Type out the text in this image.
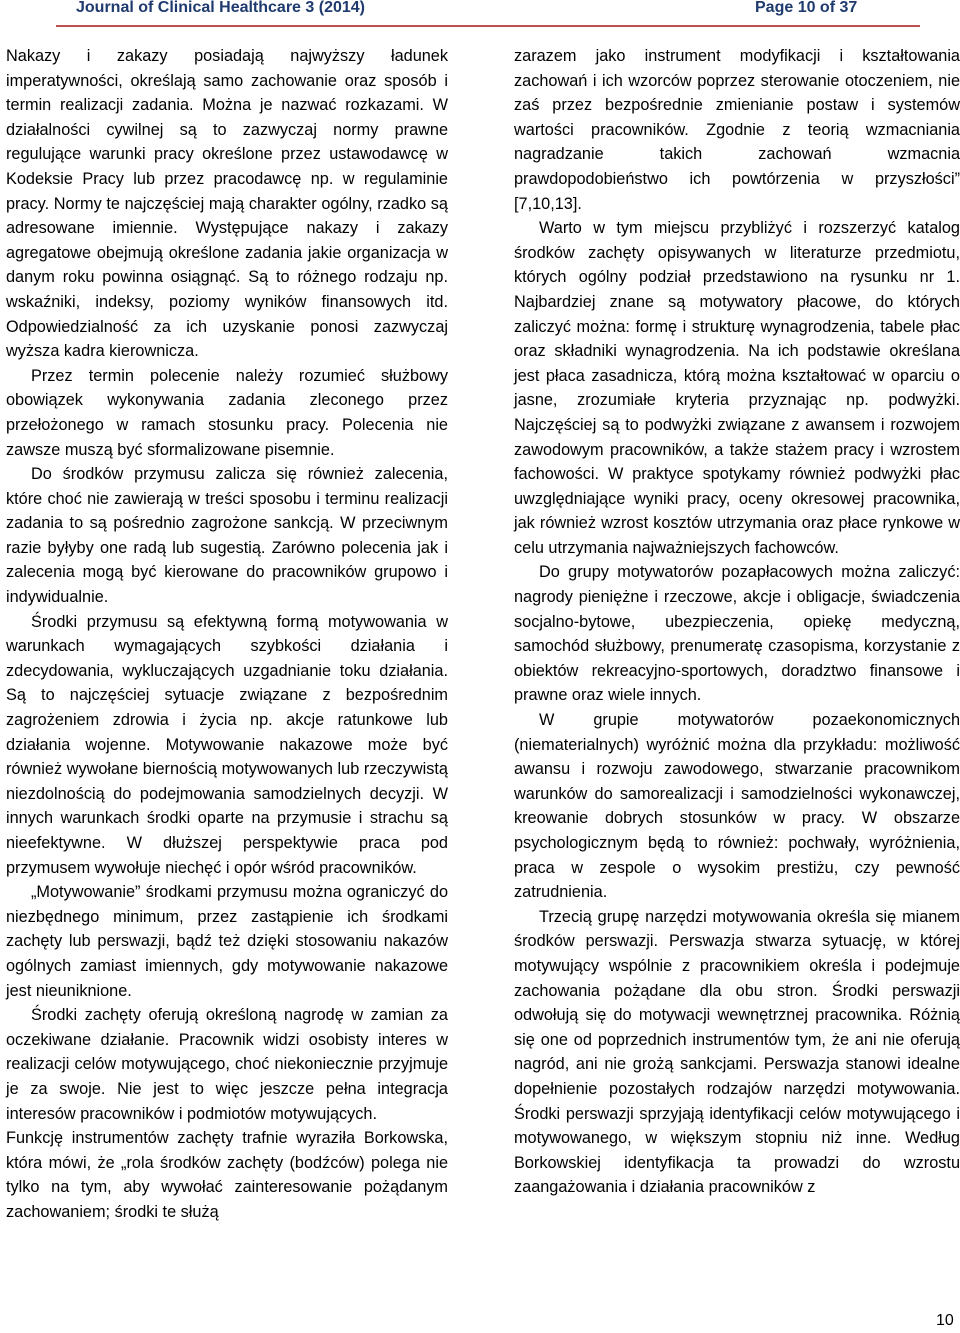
Journal of Clinical Healthcare 3 (2014)	Page 10 of 37

Nakazy i zakazy posiadają najwyższy ładunek imperatywności, określają samo zachowanie oraz sposób i termin realizacji zadania. Można je nazwać rozkazami. W działalności cywilnej są to zazwyczaj normy prawne regulujące warunki pracy określone przez ustawodawcę w Kodeksie Pracy lub przez pracodawcę np. w regulaminie pracy. Normy te najczęściej mają charakter ogólny, rzadko są adresowane imiennie. Występujące nakazy i zakazy agregatowe obejmują określone zadania jakie organizacja w danym roku powinna osiągnąć. Są to różnego rodzaju np. wskaźniki, indeksy, poziomy wyników finansowych itd. Odpowiedzialność za ich uzyskanie ponosi zazwyczaj wyższa kadra kierownicza.

Przez termin polecenie należy rozumieć służbowy obowiązek wykonywania zadania zleconego przez przełożonego w ramach stosunku pracy. Polecenia nie zawsze muszą być sformalizowane pisemnie.

Do środków przymusu zalicza się również zalecenia, które choć nie zawierają w treści sposobu i terminu realizacji zadania to są pośrednio zagrożone sankcją. W przeciwnym razie byłyby one radą lub sugestią. Zarówno polecenia jak i zalecenia mogą być kierowane do pracowników grupowo i indywidualnie.

Środki przymusu są efektywną formą motywowania w warunkach wymagających szybkości działania i zdecydowania, wykluczających uzgadnianie toku działania. Są to najczęściej sytuacje związane z bezpośrednim zagrożeniem zdrowia i życia np. akcje ratunkowe lub działania wojenne. Motywowanie nakazowe może być również wywołane biernością motywowanych lub rzeczywistą niezdolnością do podejmowania samodzielnych decyzji. W innych warunkach środki oparte na przymusie i strachu są nieefektywne. W dłuższej perspektywie praca pod przymusem wywołuje niechęć i opór wśród pracowników.

„Motywowanie” środkami przymusu można ograniczyć do niezbędnego minimum, przez zastąpienie ich środkami zachęty lub perswazji, bądź też dzięki stosowaniu nakazów ogólnych zamiast imiennych, gdy motywowanie nakazowe jest nieuniknione.

Środki zachęty oferują określoną nagrodę w zamian za oczekiwane działanie. Pracownik widzi osobisty interes w realizacji celów motywującego, choć niekoniecznie przyjmuje je za swoje. Nie jest to więc jeszcze pełna integracja interesów pracowników i podmiotów motywujących.

Funkcję instrumentów zachęty trafnie wyraziła Borkowska, która mówi, że „rola środków zachęty (bodźców) polega nie tylko na tym, aby wywołać zainteresowanie pożądanym zachowaniem; środki te służą

zarazem jako instrument modyfikacji i kształtowania zachowań i ich wzorców poprzez sterowanie otoczeniem, nie zaś przez bezpośrednie zmienianie postaw i systemów wartości pracowników. Zgodnie z teorią wzmacniania nagradzanie takich zachowań wzmacnia prawdopodobieństwo ich powtórzenia w przyszłości” [7,10,13].

Warto w tym miejscu przybliżyć i rozszerzyć katalog środków zachęty opisywanych w literaturze przedmiotu, których ogólny podział przedstawiono na rysunku nr 1. Najbardziej znane są motywatory płacowe, do których zaliczyć można: formę i strukturę wynagrodzenia, tabele płac oraz składniki wynagrodzenia. Na ich podstawie określana jest płaca zasadnicza, którą można kształtować w oparciu o jasne, zrozumiałe kryteria przyznając np. podwyżki. Najczęściej są to podwyżki związane z awansem i rozwojem zawodowym pracowników, a także stażem pracy i wzrostem fachowości. W praktyce spotykamy również podwyżki płac uwzględniające wyniki pracy, oceny okresowej pracownika, jak również wzrost kosztów utrzymania oraz płace rynkowe w celu utrzymania najważniejszych fachowców.

Do grupy motywatorów pozapłacowych można zaliczyć: nagrody pieniężne i rzeczowe, akcje i obligacje, świadczenia socjalno-bytowe, ubezpieczenia, opiekę medyczną, samochód służbowy, prenumeratę czasopisma, korzystanie z obiektów rekreacyjno-sportowych, doradztwo finansowe i prawne oraz wiele innych.

W grupie motywatorów pozaekonomicznych (niematerialnych) wyróżnić można dla przykładu: możliwość awansu i rozwoju zawodowego, stwarzanie pracownikom warunków do samorealizacji i samodzielności wykonawczej, kreowanie dobrych stosunków w pracy. W obszarze psychologicznym będą to również: pochwały, wyróżnienia, praca w zespole o wysokim prestiżu, czy pewność zatrudnienia.

Trzecią grupę narzędzi motywowania określa się mianem środków perswazji. Perswazja stwarza sytuację, w której motywujący wspólnie z pracownikiem określa i podejmuje zachowania pożądane dla obu stron. Środki perswazji odwołują się do motywacji wewnętrznej pracownika. Różnią się one od poprzednich instrumentów tym, że ani nie oferują nagród, ani nie grożą sankcjami. Perswazja stanowi idealne dopełnienie pozostałych rodzajów narzędzi motywowania. Środki perswazji sprzyjają identyfikacji celów motywującego i motywowanego, w większym stopniu niż inne. Według Borkowskiej identyfikacja ta prowadzi do wzrostu zaangażowania i działania pracowników z

10
